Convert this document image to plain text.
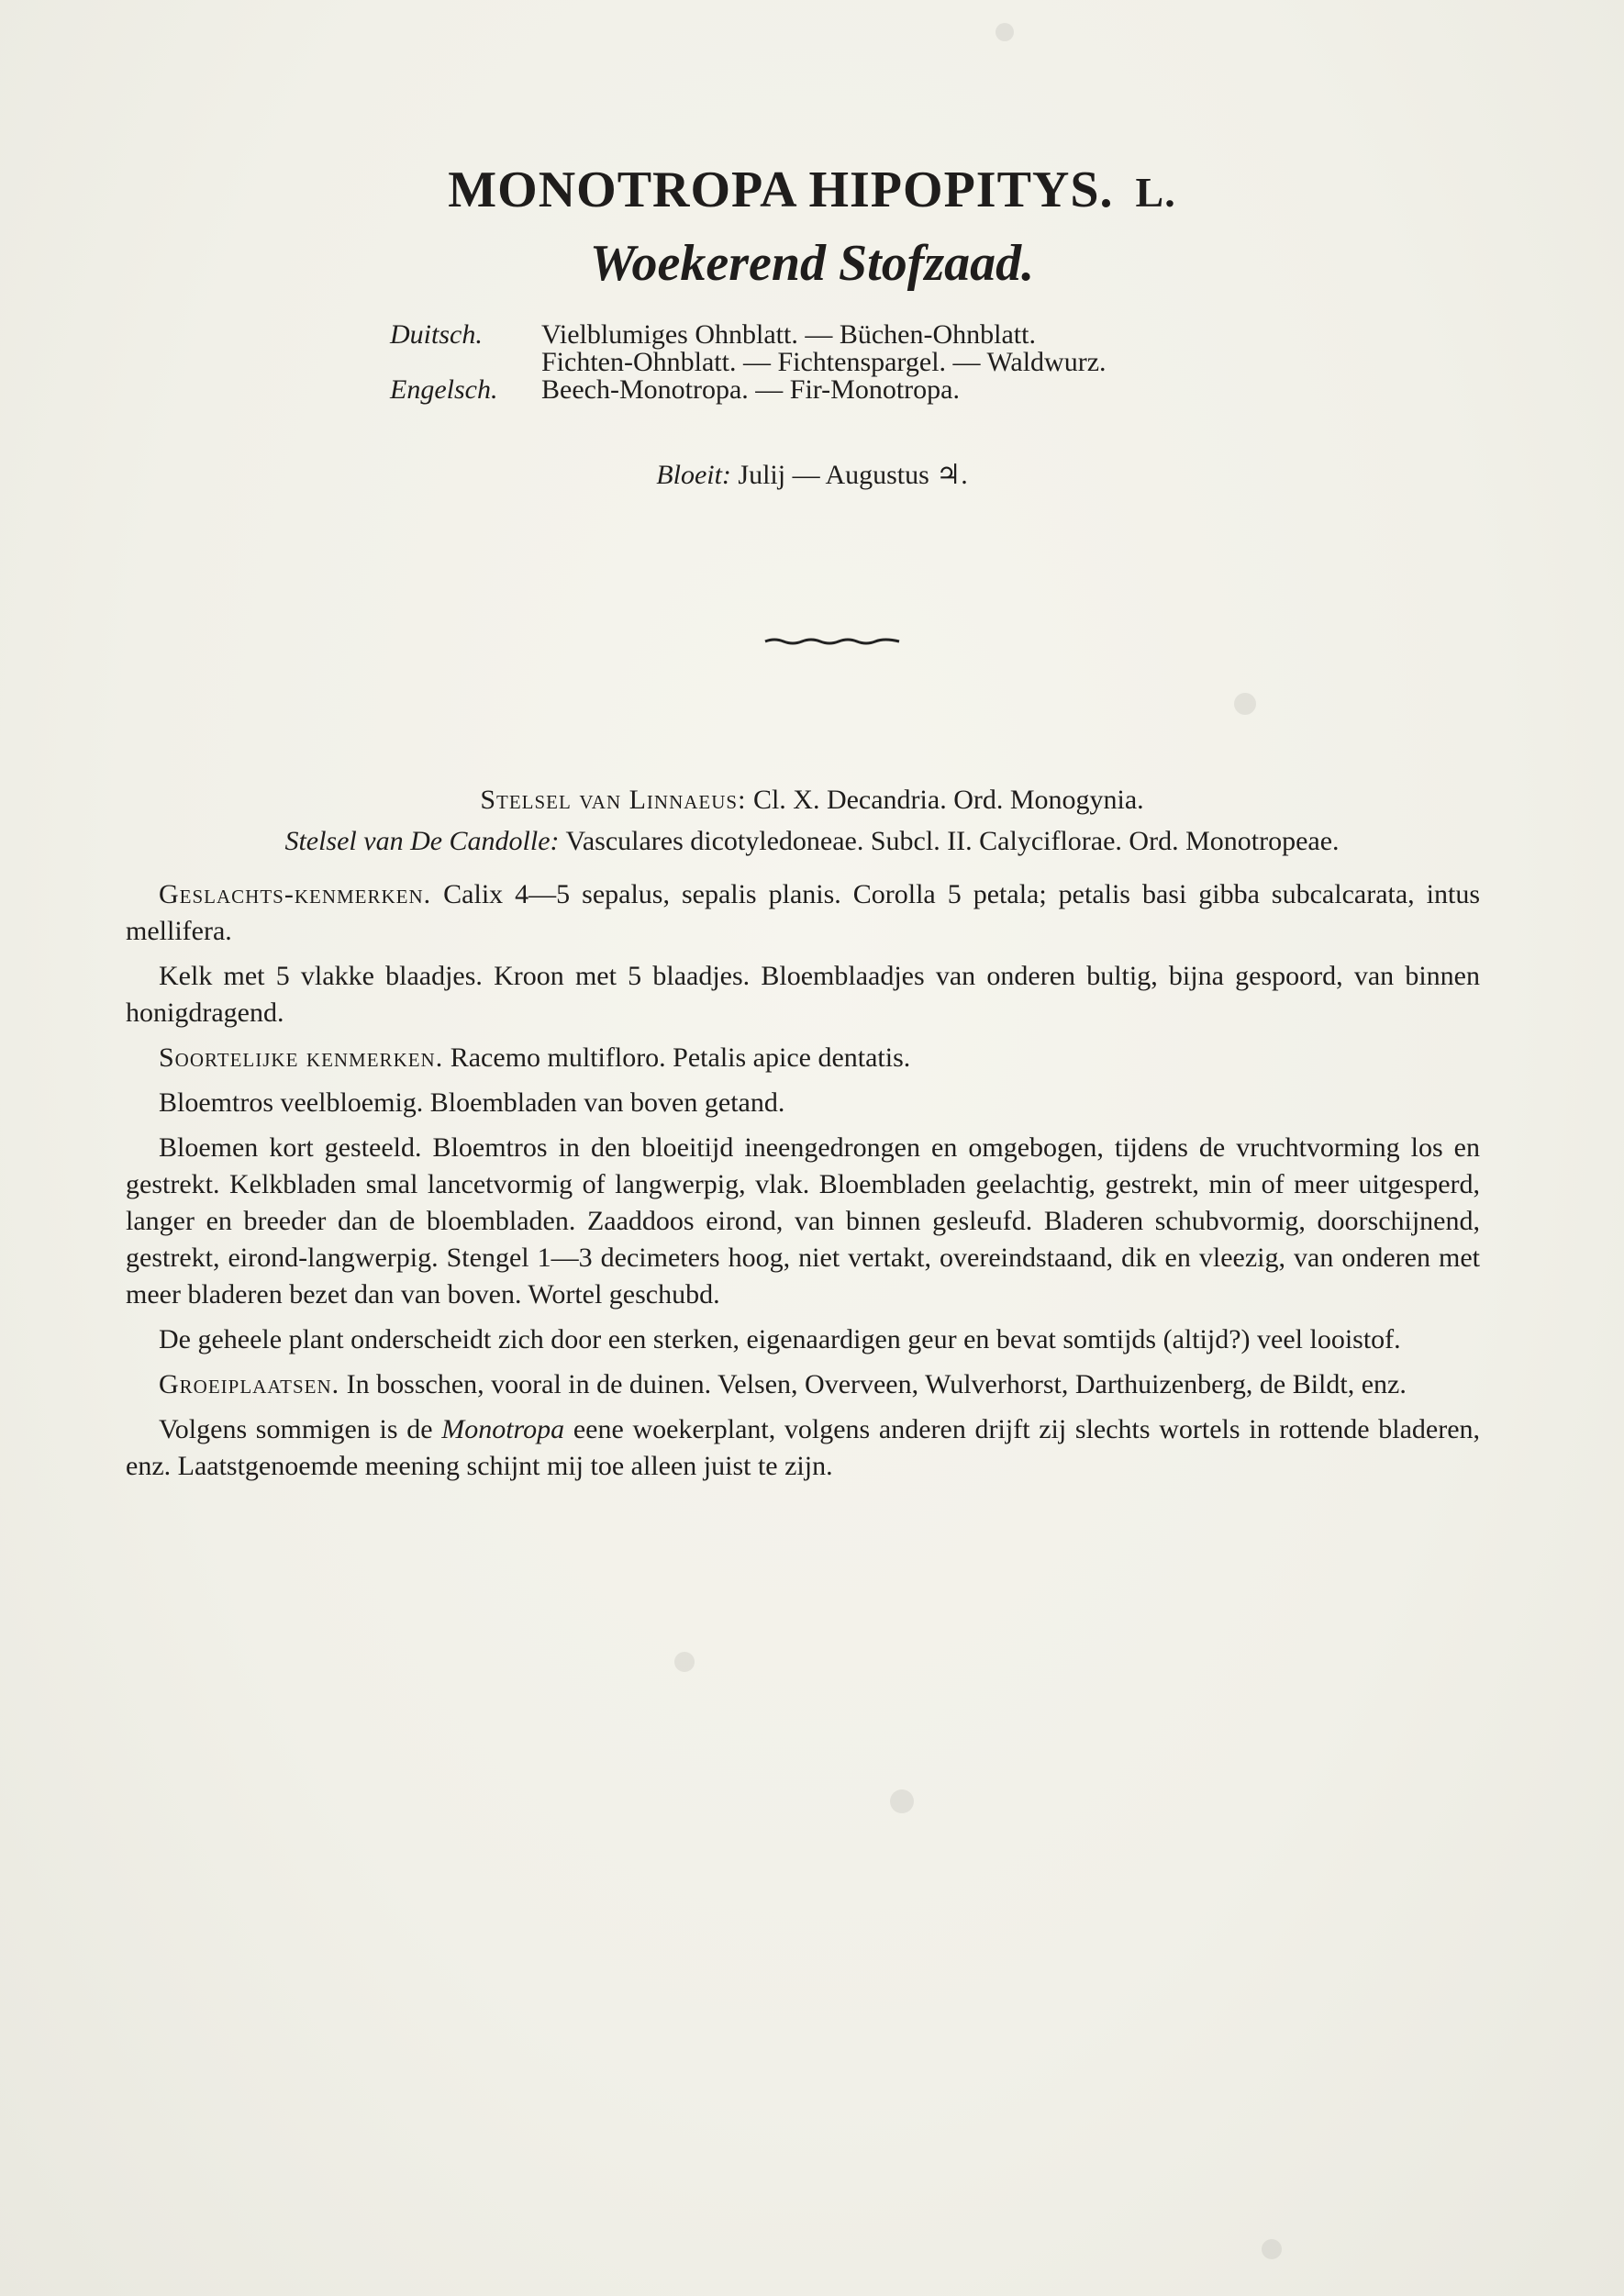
MONOTROPA HIPOPITYS. L.
Woekerend Stofzaad.
Duitsch.	Vielblumiges Ohnblatt. — Büchen-Ohnblatt.
Fichten-Ohnblatt. — Fichtenspargel. — Waldwurz.
Engelsch.	Beech-Monotropa. — Fir-Monotropa.
Bloeit: Julij — Augustus ♃.
Stelsel van Linnaeus: Cl. X. Decandria. Ord. Monogynia.
Stelsel van De Candolle: Vasculares dicotyledoneae. Subcl. II. Calyciflorae. Ord. Monotropeae.

Geslachts-kenmerken. Calix 4—5 sepalus, sepalis planis. Corolla 5 petala; petalis basi gibba subcalcarata, intus mellifera.

Kelk met 5 vlakke blaadjes. Kroon met 5 blaadjes. Bloemblaadjes van onderen bultig, bijna gespoord, van binnen honigdragend.

Soortelijke kenmerken. Racemo multifloro. Petalis apice dentatis.

Bloemtros veelbloemig. Bloembladen van boven getand.

Bloemen kort gesteeld. Bloemtros in den bloeitijd ineengedrongen en omgebogen, tijdens de vruchtvorming los en gestrekt. Kelkbladen smal lancetvormig of langwerpig, vlak. Bloembladen geelachtig, gestrekt, min of meer uitgesperd, langer en breeder dan de bloembladen. Zaaddoos eirond, van binnen gesleufd. Bladeren schubvormig, doorschijnend, gestrekt, eirond-langwerpig. Stengel 1—3 decimeters hoog, niet vertakt, overeindstaand, dik en vleezig, van onderen met meer bladeren bezet dan van boven. Wortel geschubd.

De geheele plant onderscheidt zich door een sterken, eigenaardigen geur en bevat somtijds (altijd?) veel looistof.

Groeiplaatsen. In bosschen, vooral in de duinen. Velsen, Overveen, Wulverhorst, Darthuizenberg, de Bildt, enz.

Volgens sommigen is de Monotropa eene woekerplant, volgens anderen drijft zij slechts wortels in rottende bladeren, enz. Laatstgenoemde meening schijnt mij toe alleen juist te zijn.
